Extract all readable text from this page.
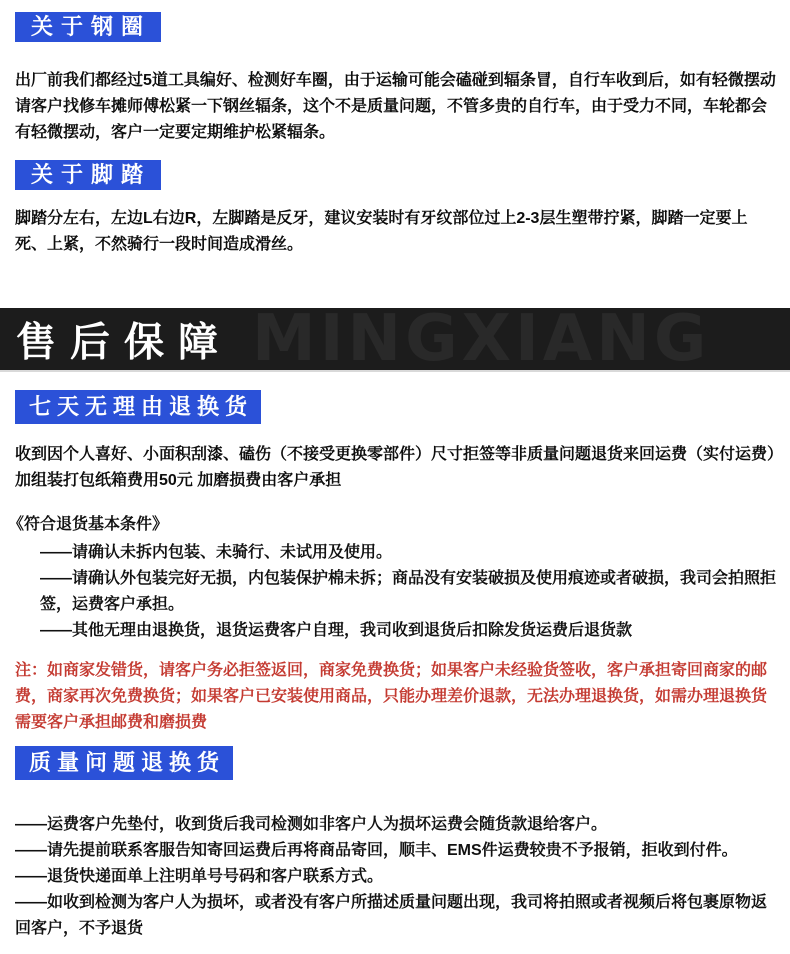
关于钢圈

出厂前我们都经过5道工具编好、检测好车圈，由于运输可能会磕碰到辐条冒，自行车收到后，如有轻微摆动请客户找修车摊师傅松紧一下钢丝辐条，这个不是质量问题，不管多贵的自行车，由于受力不同，车轮都会有轻微摆动，客户一定要定期维护松紧辐条。

关于脚踏

脚踏分左右，左边L右边R，左脚踏是反牙，建议安装时有牙纹部位过上2-3层生塑带拧紧，脚踏一定要上死、上紧，不然骑行一段时间造成滑丝。

MINGXIANG
售后保障
七天无理由退换货

收到因个人喜好、小面积刮漆、磕伤（不接受更换零部件）尺寸拒签等非质量问题退货来回运费（实付运费）加组装打包纸箱费用50元 加磨损费由客户承担

《符合退货基本条件》

——请确认未拆内包装、未骑行、未试用及使用。

——请确认外包装完好无损，内包装保护棉未拆；商品没有安装破损及使用痕迹或者破损，我司会拍照拒签，运费客户承担。

——其他无理由退换货，退货运费客户自理，我司收到退货后扣除发货运费后退货款

注：如商家发错货，请客户务必拒签返回，商家免费换货；如果客户未经验货签收，客户承担寄回商家的邮费，商家再次免费换货；如果客户已安装使用商品，只能办理差价退款，无法办理退换货，如需办理退换货需要客户承担邮费和磨损费

质量问题退换货

——运费客户先垫付，收到货后我司检测如非客户人为损坏运费会随货款退给客户。

——请先提前联系客服告知寄回运费后再将商品寄回，顺丰、EMS件运费较贵不予报销，拒收到付件。

——退货快递面单上注明单号号码和客户联系方式。

——如收到检测为客户人为损坏，或者没有客户所描述质量问题出现，我司将拍照或者视频后将包裹原物返回客户，不予退货
